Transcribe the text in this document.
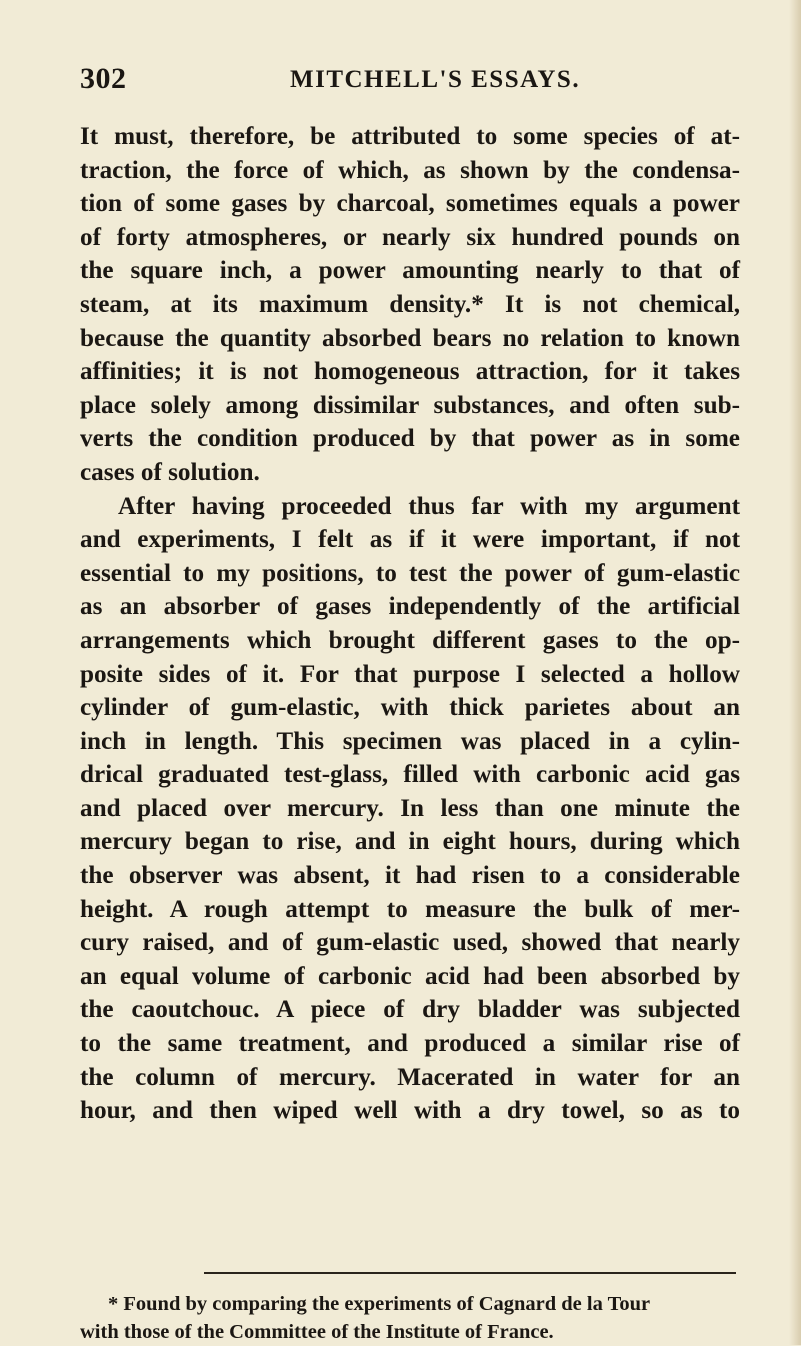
302	MITCHELL'S ESSAYS.
It must, therefore, be attributed to some species of at-
traction, the force of which, as shown by the condensa-
tion of some gases by charcoal, sometimes equals a power
of forty atmospheres, or nearly six hundred pounds on
the square inch, a power amounting nearly to that of
steam, at its maximum density.* It is not chemical,
because the quantity absorbed bears no relation to known
affinities; it is not homogeneous attraction, for it takes
place solely among dissimilar substances, and often sub-
verts the condition produced by that power as in some
cases of solution.
After having proceeded thus far with my argument
and experiments, I felt as if it were important, if not
essential to my positions, to test the power of gum-elastic
as an absorber of gases independently of the artificial
arrangements which brought different gases to the op-
posite sides of it. For that purpose I selected a hollow
cylinder of gum-elastic, with thick parietes about an
inch in length. This specimen was placed in a cylin-
drical graduated test-glass, filled with carbonic acid gas
and placed over mercury. In less than one minute the
mercury began to rise, and in eight hours, during which
the observer was absent, it had risen to a considerable
height. A rough attempt to measure the bulk of mer-
cury raised, and of gum-elastic used, showed that nearly
an equal volume of carbonic acid had been absorbed by
the caoutchouc. A piece of dry bladder was subjected
to the same treatment, and produced a similar rise of
the column of mercury. Macerated in water for an
hour, and then wiped well with a dry towel, so as to
* Found by comparing the experiments of Cagnard de la Tour
with those of the Committee of the Institute of France.
